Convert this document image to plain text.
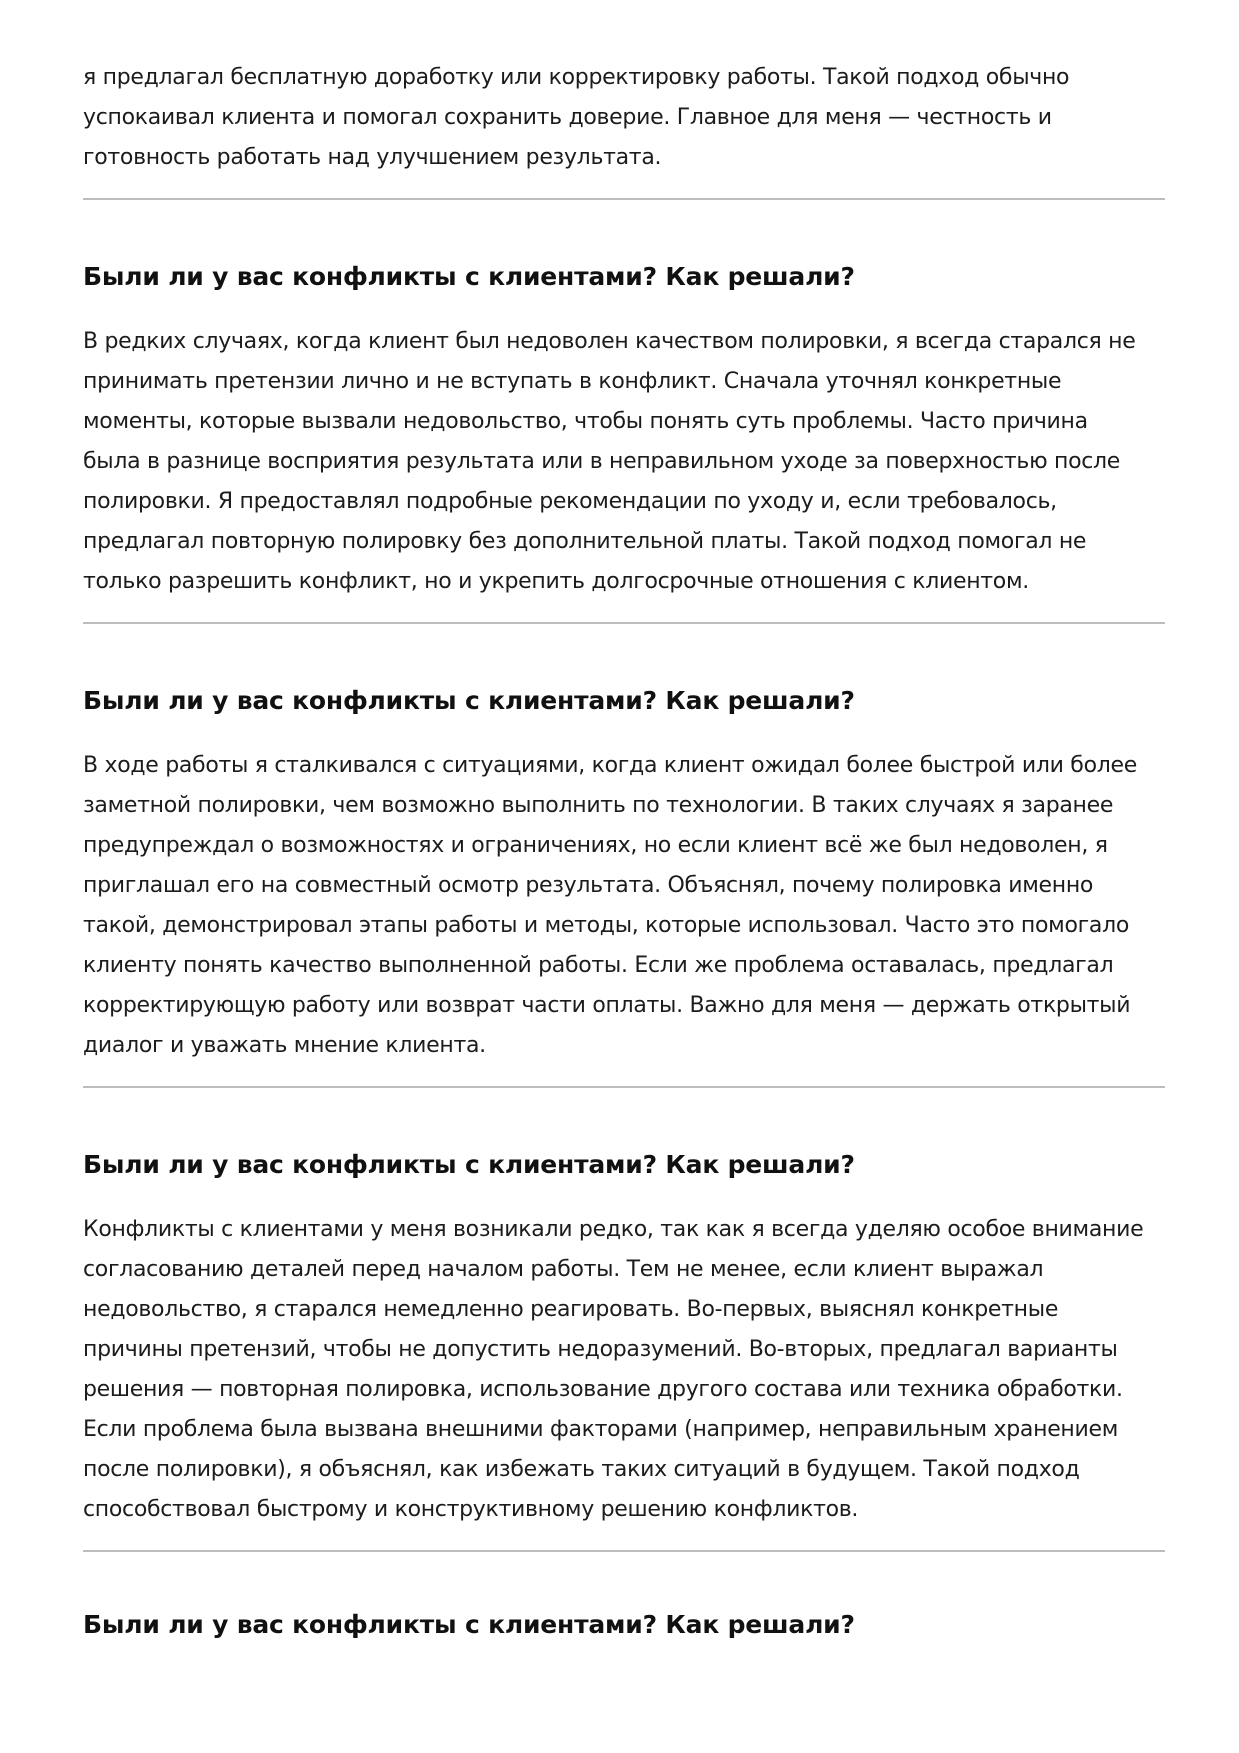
я предлагал бесплатную доработку или корректировку работы. Такой подход обычно
успокаивал клиента и помогал сохранить доверие. Главное для меня — честность и
готовность работать над улучшением результата.

Были ли у вас конфликты с клиентами? Как решали?

В редких случаях, когда клиент был недоволен качеством полировки, я всегда старался не
принимать претензии лично и не вступать в конфликт. Сначала уточнял конкретные
моменты, которые вызвали недовольство, чтобы понять суть проблемы. Часто причина
была в разнице восприятия результата или в неправильном уходе за поверхностью после
полировки. Я предоставлял подробные рекомендации по уходу и, если требовалось,
предлагал повторную полировку без дополнительной платы. Такой подход помогал не
только разрешить конфликт, но и укрепить долгосрочные отношения с клиентом.

Были ли у вас конфликты с клиентами? Как решали?

В ходе работы я сталкивался с ситуациями, когда клиент ожидал более быстрой или более
заметной полировки, чем возможно выполнить по технологии. В таких случаях я заранее
предупреждал о возможностях и ограничениях, но если клиент всё же был недоволен, я
приглашал его на совместный осмотр результата. Объяснял, почему полировка именно
такой, демонстрировал этапы работы и методы, которые использовал. Часто это помогало
клиенту понять качество выполненной работы. Если же проблема оставалась, предлагал
корректирующую работу или возврат части оплаты. Важно для меня — держать открытый
диалог и уважать мнение клиента.

Были ли у вас конфликты с клиентами? Как решали?

Конфликты с клиентами у меня возникали редко, так как я всегда уделяю особое внимание
согласованию деталей перед началом работы. Тем не менее, если клиент выражал
недовольство, я старался немедленно реагировать. Во-первых, выяснял конкретные
причины претензий, чтобы не допустить недоразумений. Во-вторых, предлагал варианты
решения — повторная полировка, использование другого состава или техника обработки.
Если проблема была вызвана внешними факторами (например, неправильным хранением
после полировки), я объяснял, как избежать таких ситуаций в будущем. Такой подход
способствовал быстрому и конструктивному решению конфликтов.

Были ли у вас конфликты с клиентами? Как решали?
